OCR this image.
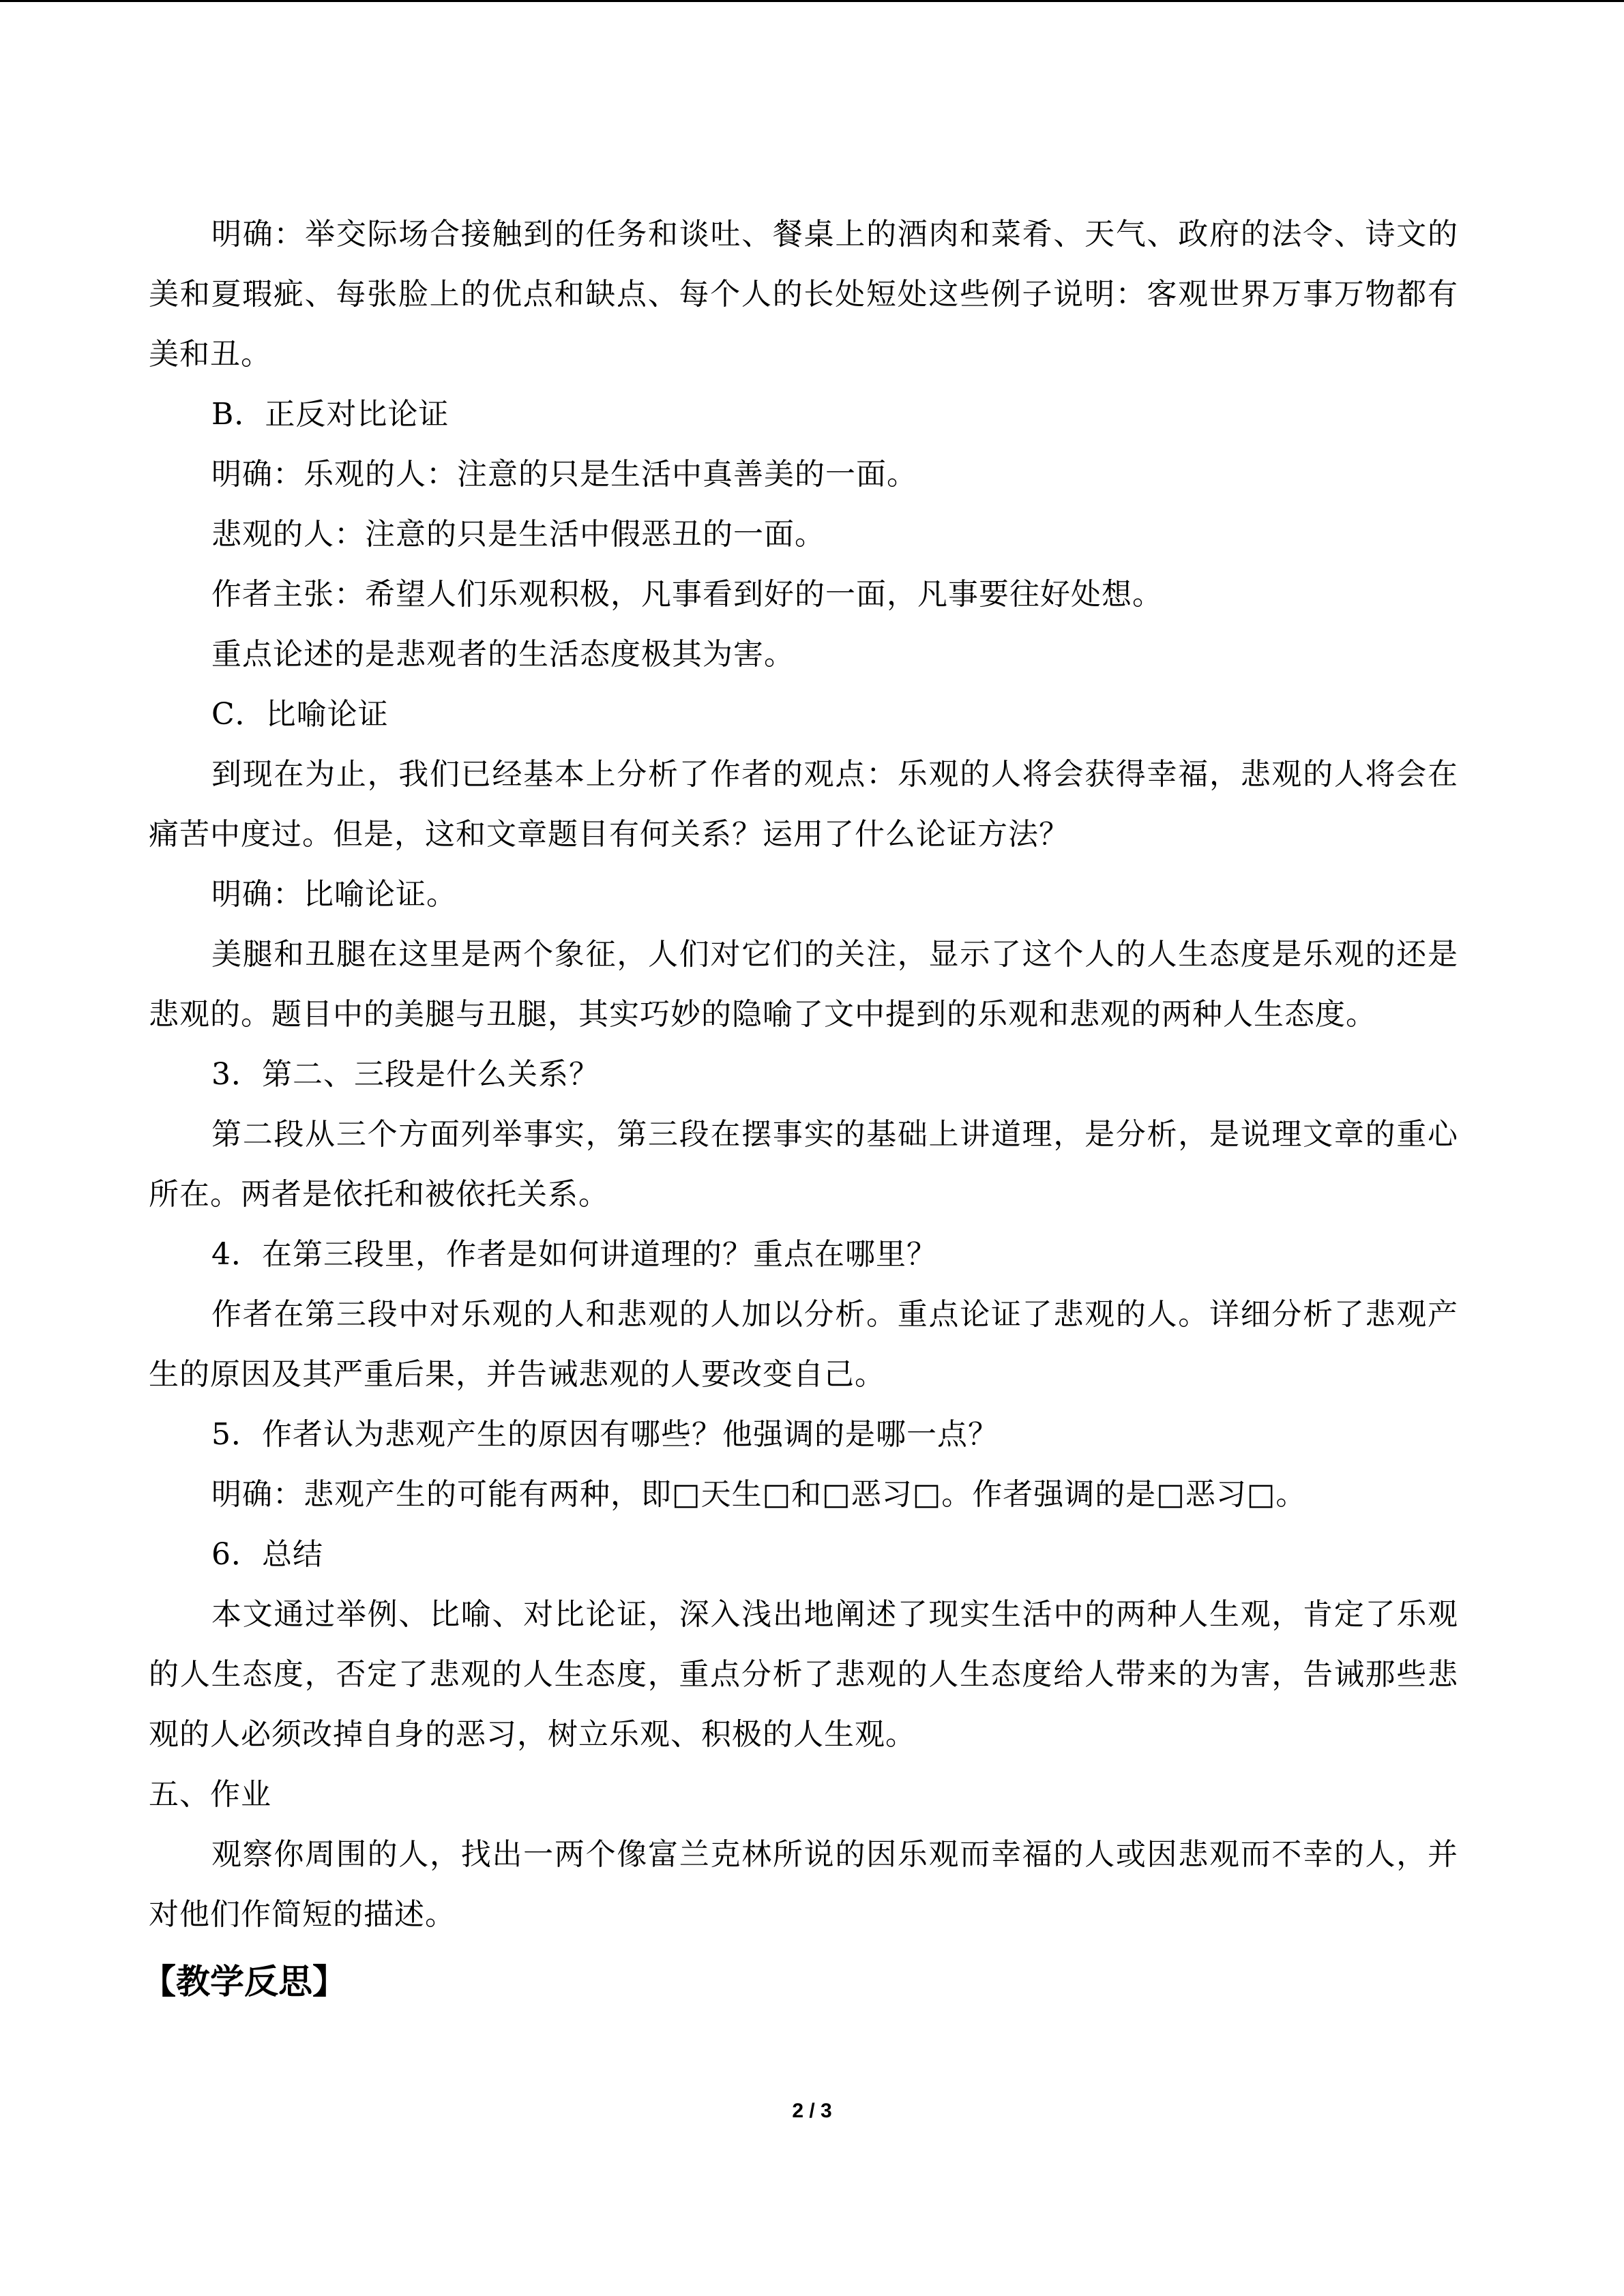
明确：举交际场合接触到的任务和谈吐、餐桌上的酒肉和菜肴、天气、政府的法令、诗文的美和夏瑕疵、每张脸上的优点和缺点、每个人的长处短处这些例子说明：客观世界万事万物都有美和丑。

B．正反对比论证

明确：乐观的人：注意的只是生活中真善美的一面。

悲观的人：注意的只是生活中假恶丑的一面。

作者主张：希望人们乐观积极，凡事看到好的一面，凡事要往好处想。

重点论述的是悲观者的生活态度极其为害。

C．比喻论证

到现在为止，我们已经基本上分析了作者的观点：乐观的人将会获得幸福，悲观的人将会在痛苦中度过。但是，这和文章题目有何关系？运用了什么论证方法？

明确：比喻论证。

美腿和丑腿在这里是两个象征，人们对它们的关注，显示了这个人的人生态度是乐观的还是悲观的。题目中的美腿与丑腿，其实巧妙的隐喻了文中提到的乐观和悲观的两种人生态度。

3．第二、三段是什么关系？

第二段从三个方面列举事实，第三段在摆事实的基础上讲道理，是分析，是说理文章的重心所在。两者是依托和被依托关系。

4．在第三段里，作者是如何讲道理的？重点在哪里？

作者在第三段中对乐观的人和悲观的人加以分析。重点论证了悲观的人。详细分析了悲观产生的原因及其严重后果，并告诫悲观的人要改变自己。

5．作者认为悲观产生的原因有哪些？他强调的是哪一点？

明确：悲观产生的可能有两种，即□天生□和□恶习□。作者强调的是□恶习□。

6．总结

本文通过举例、比喻、对比论证，深入浅出地阐述了现实生活中的两种人生观，肯定了乐观的人生态度，否定了悲观的人生态度，重点分析了悲观的人生态度给人带来的为害，告诫那些悲观的人必须改掉自身的恶习，树立乐观、积极的人生观。

五、作业

观察你周围的人，找出一两个像富兰克林所说的因乐观而幸福的人或因悲观而不幸的人，并对他们作简短的描述。

【教学反思】
2 / 3
